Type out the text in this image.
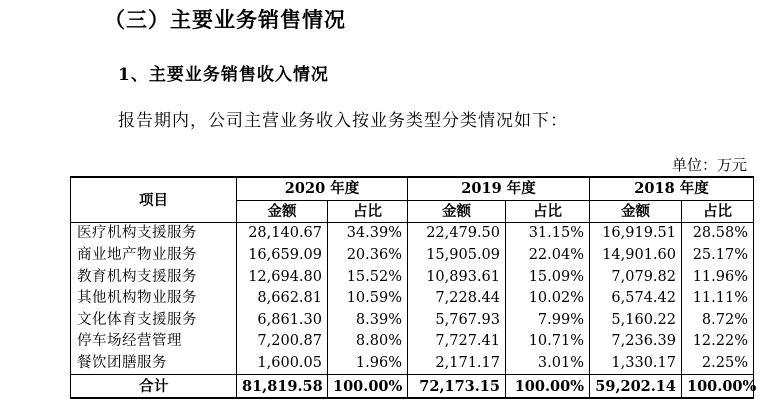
（三）主要业务销售情况
1、主要业务销售收入情况
报告期内，公司主营业务收入按业务类型分类情况如下：
单位：万元
项目	2020 年度		2019 年度		2018 年度	
	金额	占比	金额	占比	金额	占比
医疗机构支援服务	28,140.67	34.39%	22,479.50	31.15%	16,919.51	28.58%
商业地产物业服务	16,659.09	20.36%	15,905.09	22.04%	14,901.60	25.17%
教育机构支援服务	12,694.80	15.52%	10,893.61	15.09%	7,079.82	11.96%
其他机构物业服务	8,662.81	10.59%	7,228.44	10.02%	6,574.42	11.11%
文化体育支援服务	6,861.30	8.39%	5,767.93	7.99%	5,160.22	8.72%
停车场经营管理	7,200.87	8.80%	7,727.41	10.71%	7,236.39	12.22%
餐饮团膳服务	1,600.05	1.96%	2,171.17	3.01%	1,330.17	2.25%
合计	81,819.58	100.00%	72,173.15	100.00%	59,202.14	100.00%
